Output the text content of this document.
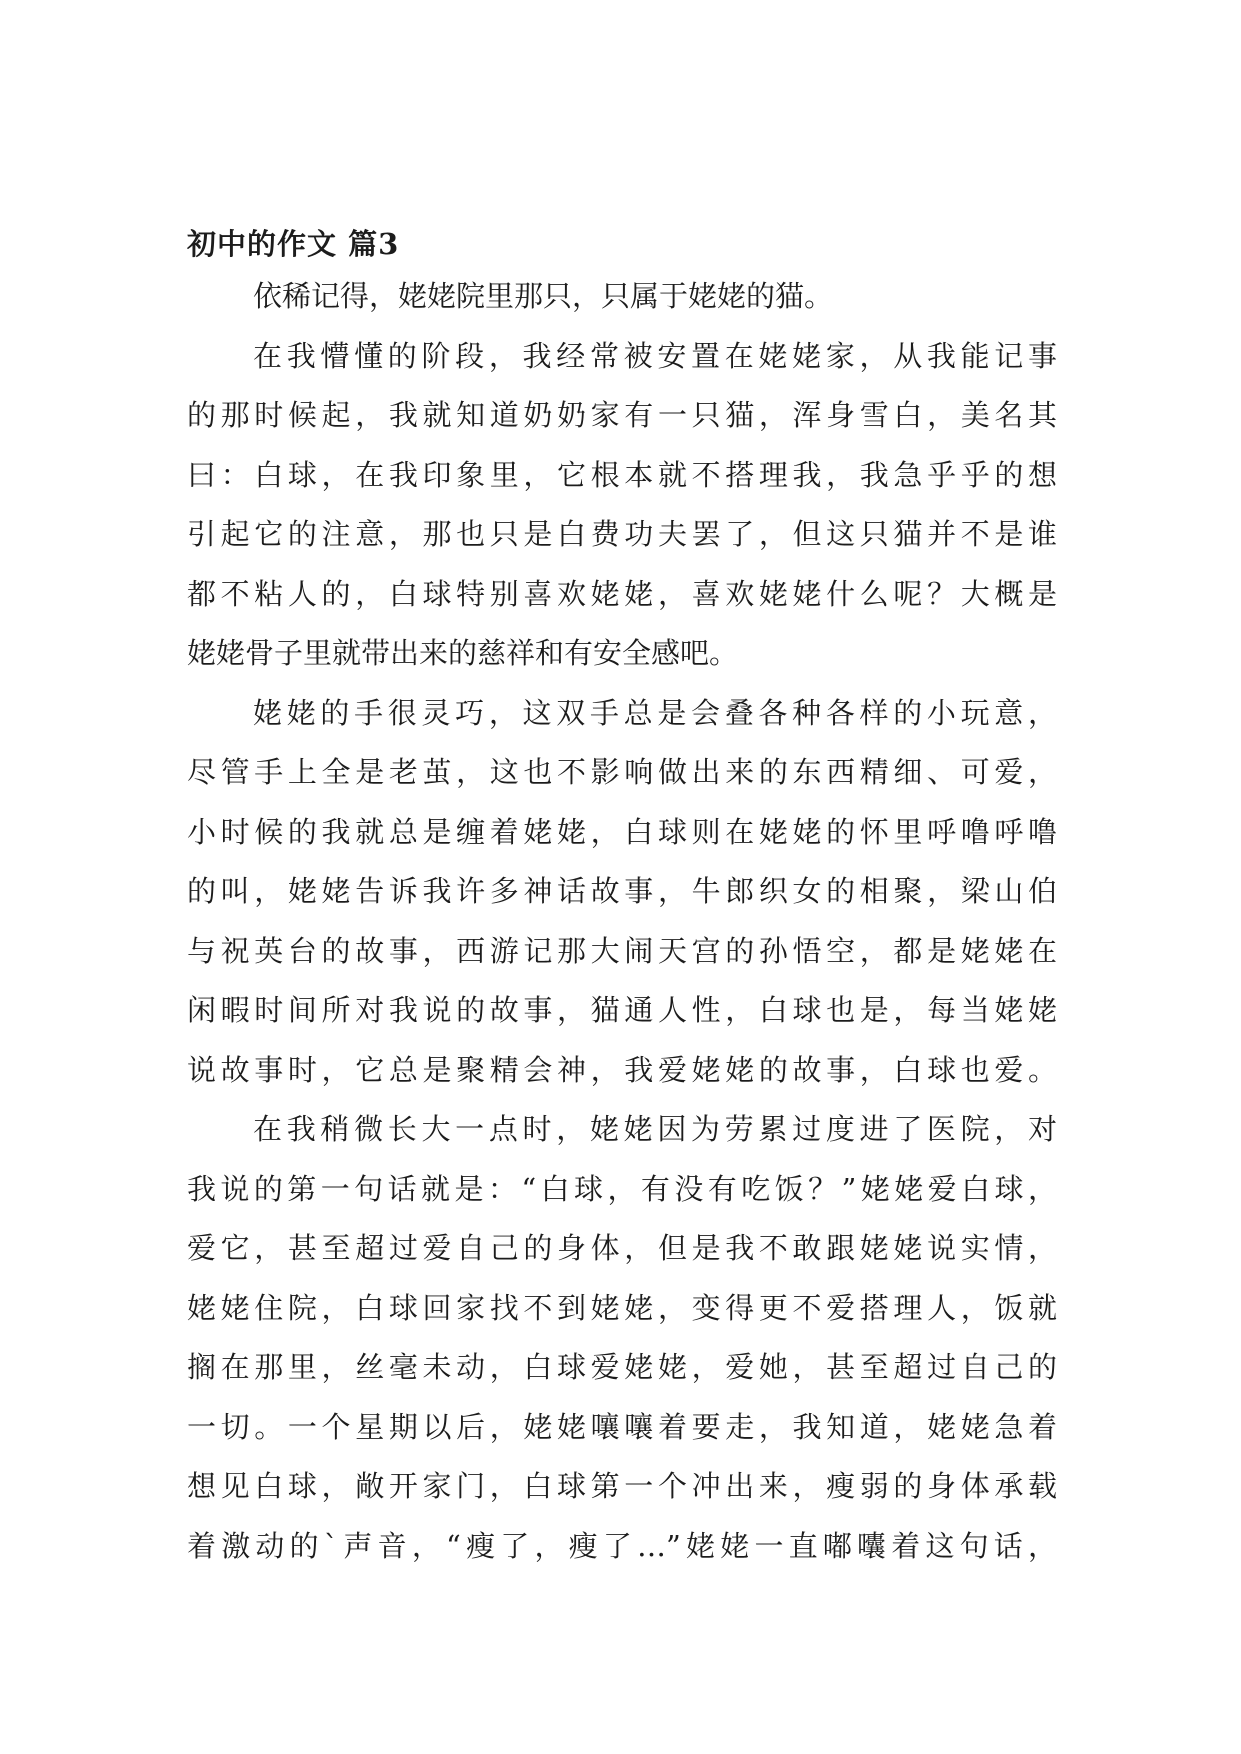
初中的作文 篇3

依稀记得，姥姥院里那只，只属于姥姥的猫。

在我懵懂的阶段，我经常被安置在姥姥家，从我能记事
的那时候起，我就知道奶奶家有一只猫，浑身雪白，美名其
曰：白球，在我印象里，它根本就不搭理我，我急乎乎的想
引起它的注意，那也只是白费功夫罢了，但这只猫并不是谁
都不粘人的，白球特别喜欢姥姥，喜欢姥姥什么呢？大概是
姥姥骨子里就带出来的慈祥和有安全感吧。

姥姥的手很灵巧，这双手总是会叠各种各样的小玩意，
尽管手上全是老茧，这也不影响做出来的东西精细、可爱，
小时候的我就总是缠着姥姥，白球则在姥姥的怀里呼噜呼噜
的叫，姥姥告诉我许多神话故事，牛郎织女的相聚，梁山伯
与祝英台的故事，西游记那大闹天宫的孙悟空，都是姥姥在
闲暇时间所对我说的故事，猫通人性，白球也是，每当姥姥
说故事时，它总是聚精会神，我爱姥姥的故事，白球也爱。

在我稍微长大一点时，姥姥因为劳累过度进了医院，对
我说的第一句话就是：“白球，有没有吃饭？”姥姥爱白球，
爱它，甚至超过爱自己的身体，但是我不敢跟姥姥说实情，
姥姥住院，白球回家找不到姥姥，变得更不爱搭理人，饭就
搁在那里，丝毫未动，白球爱姥姥，爱她，甚至超过自己的
一切。一个星期以后，姥姥嚷嚷着要走，我知道，姥姥急着
想见白球，敞开家门，白球第一个冲出来，瘦弱的身体承载
着激动的`声音，“瘦了，瘦了…”姥姥一直嘟囔着这句话，
